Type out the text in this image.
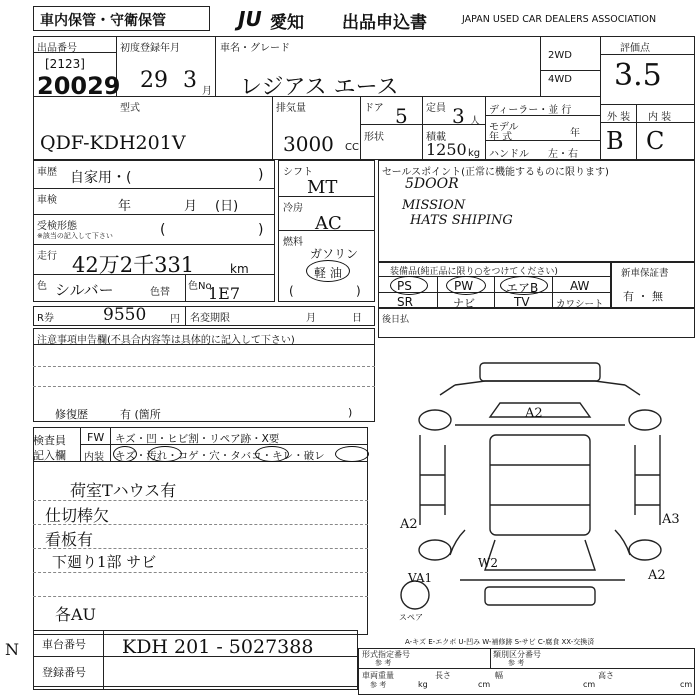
車内保管・守衛保管	JU 愛知 出品申込書	JAPAN USED CAR DEALERS ASSOCIATION
評価点
3.5
外 装 内 装
B C
出品番号
[2123]
20029
初度登録年月
29 3 月
車名・グレード
レジアス エース
2WD
4WD
型式
QDF-KDH201V
排気量
3000 CC
ドア 5 定員 3 人
形状	積載
1250 kg
ディーラー・並 行
モデル
年 式	年
ハンドル 左・右
車歴 自家用・(	)
車検	年	月 (日)
受検形態
※該当の記入して下さい	(	)
走行 42万2千331	km
色 シルバー	色替
色No
1E7
シフト
MT
冷房
AC
燃料
ガソリン
軽 油
(	)
セールスポイント(正常に機能するものに限ります)
5DOOR
MISSION
HATS SHIPING
装備品(純正品に限り○をつけてください)
PS	PW	エアB	AW
SR	ナビ	TV	カワシート
新車保証書
有 ・ 無
R券	9550 円 名変期限	月	日 後日払
注意事項申告欄(不具合内容等は具体的に記入して下さい)
修復歴	有 (箇所	)
検査員
記入欄
FW キズ・凹・ヒビ割・リペア跡・X要
内装 キズ・汚れ・コゲ・穴・タバコ・キレ・破レ
荷室Tハウス有
仕切棒欠
看板有
下廻り1部 サビ
各AU
A2
A2	A3
W2
A2
VA1
スペア
A-キズ E-エクボ U-凹み W-補修跡 S-サビ C-腐食 XX-交換済
車台番号 KDH 201 - 5027388
登録番号
形式指定番号
参 考
類別区分番号
参 考
車両重量
参 考	kg
長さ
cm
幅
cm
高さ
cm
N
